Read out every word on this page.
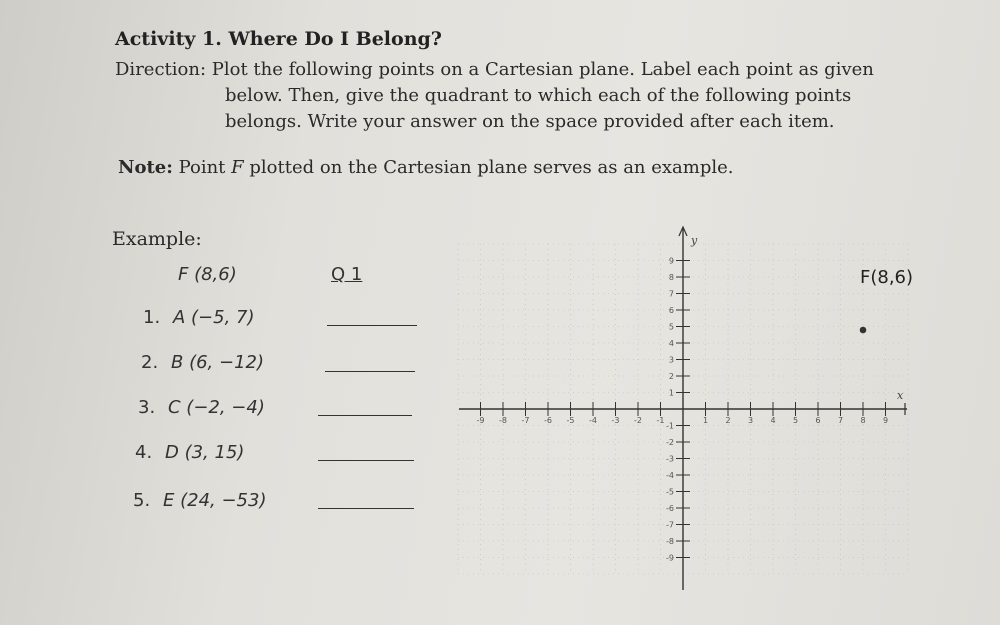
Activity 1. Where Do I Belong?
Direction: Plot the following points on a Cartesian plane. Label each point as given
below. Then, give the quadrant to which each of the following points
belongs. Write your answer on the space provided after each item.
Note: Point F plotted on the Cartesian plane serves as an example.
Example:
F (8,6)	Q 1
1. A (−5, 7)
2. B (6, −12)
3. C (−2, −4)
4. D (3, 15)
5. E (24, −53)
x
y
-9 -8 -7 -6 -5 -4 -3 -2 -1	1 2 3 4 5 6 7 8 9
9
8
7
6
5
4
3
2
1
-1
-2
-3
-4
-5
-6
-7
-8
-9
F(8,6)
